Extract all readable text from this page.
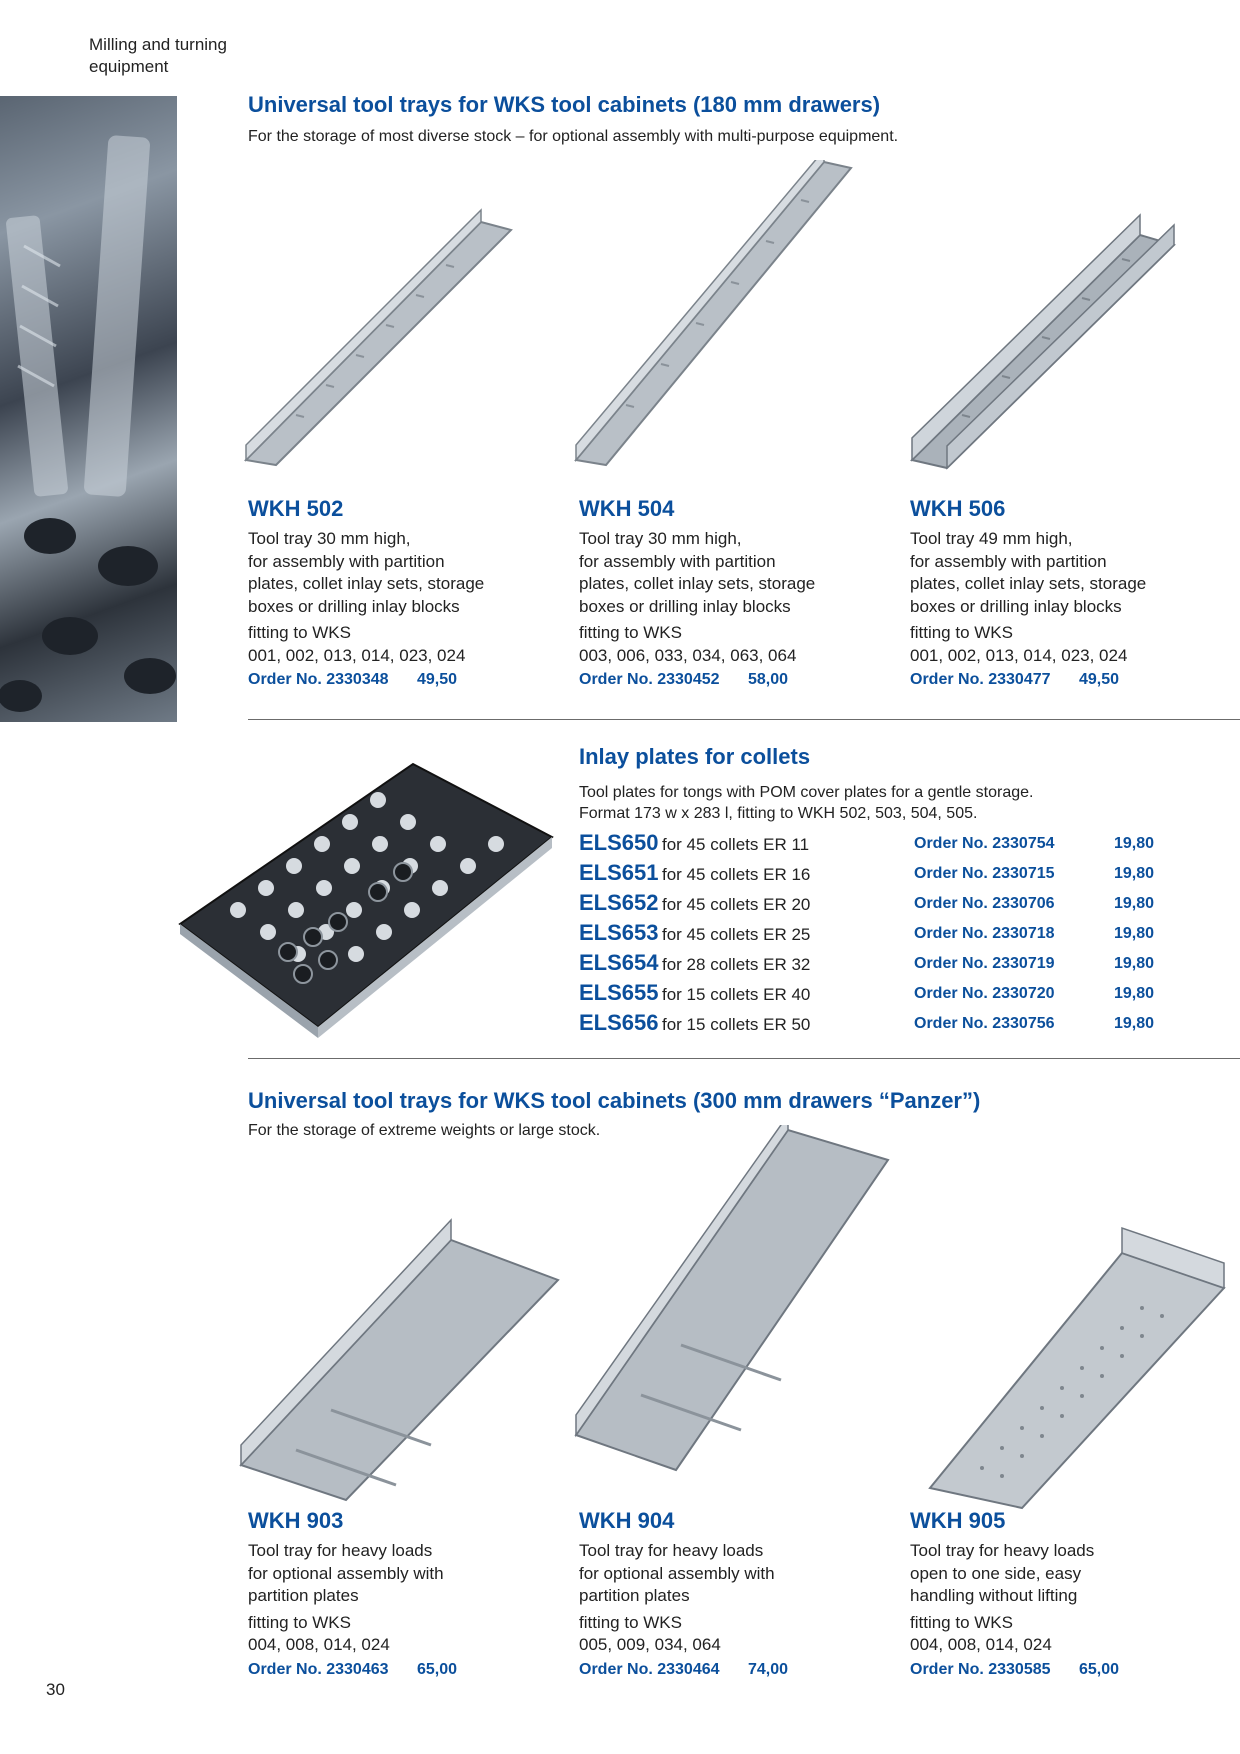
Milling and turning
equipment
Universal tool trays for WKS tool cabinets (180 mm drawers)
For the storage of most diverse stock – for optional assembly with multi-purpose equipment.
WKH 502
Tool tray 30 mm high,
for assembly with partition
plates, collet inlay sets, storage
boxes or drilling inlay blocks
fitting to WKS
001, 002, 013, 014, 023, 024
Order No. 2330348 49,50
WKH 504
Tool tray 30 mm high,
for assembly with partition
plates, collet inlay sets, storage
boxes or drilling inlay blocks
fitting to WKS
003, 006, 033, 034, 063, 064
Order No. 2330452 58,00
WKH 506
Tool tray 49 mm high,
for assembly with partition
plates, collet inlay sets, storage
boxes or drilling inlay blocks
fitting to WKS
001, 002, 013, 014, 023, 024
Order No. 2330477 49,50
Inlay plates for collets
Tool plates for tongs with POM cover plates for a gentle storage.
Format 173 w x 283 l, fitting to WKH 502, 503, 504, 505.
ELS650 for 45 collets ER 11	Order No. 2330754	19,80
ELS651 for 45 collets ER 16	Order No. 2330715	19,80
ELS652 for 45 collets ER 20	Order No. 2330706	19,80
ELS653 for 45 collets ER 25	Order No. 2330718	19,80
ELS654 for 28 collets ER 32	Order No. 2330719	19,80
ELS655 for 15 collets ER 40	Order No. 2330720	19,80
ELS656 for 15 collets ER 50	Order No. 2330756	19,80
Universal tool trays for WKS tool cabinets (300 mm drawers “Panzer”)
For the storage of extreme weights or large stock.
WKH 903
Tool tray for heavy loads
for optional assembly with
partition plates
fitting to WKS
004, 008, 014, 024
Order No. 2330463 65,00
WKH 904
Tool tray for heavy loads
for optional assembly with
partition plates
fitting to WKS
005, 009, 034, 064
Order No. 2330464 74,00
WKH 905
Tool tray for heavy loads
open to one side, easy
handling without lifting
fitting to WKS
004, 008, 014, 024
Order No. 2330585 65,00
30
